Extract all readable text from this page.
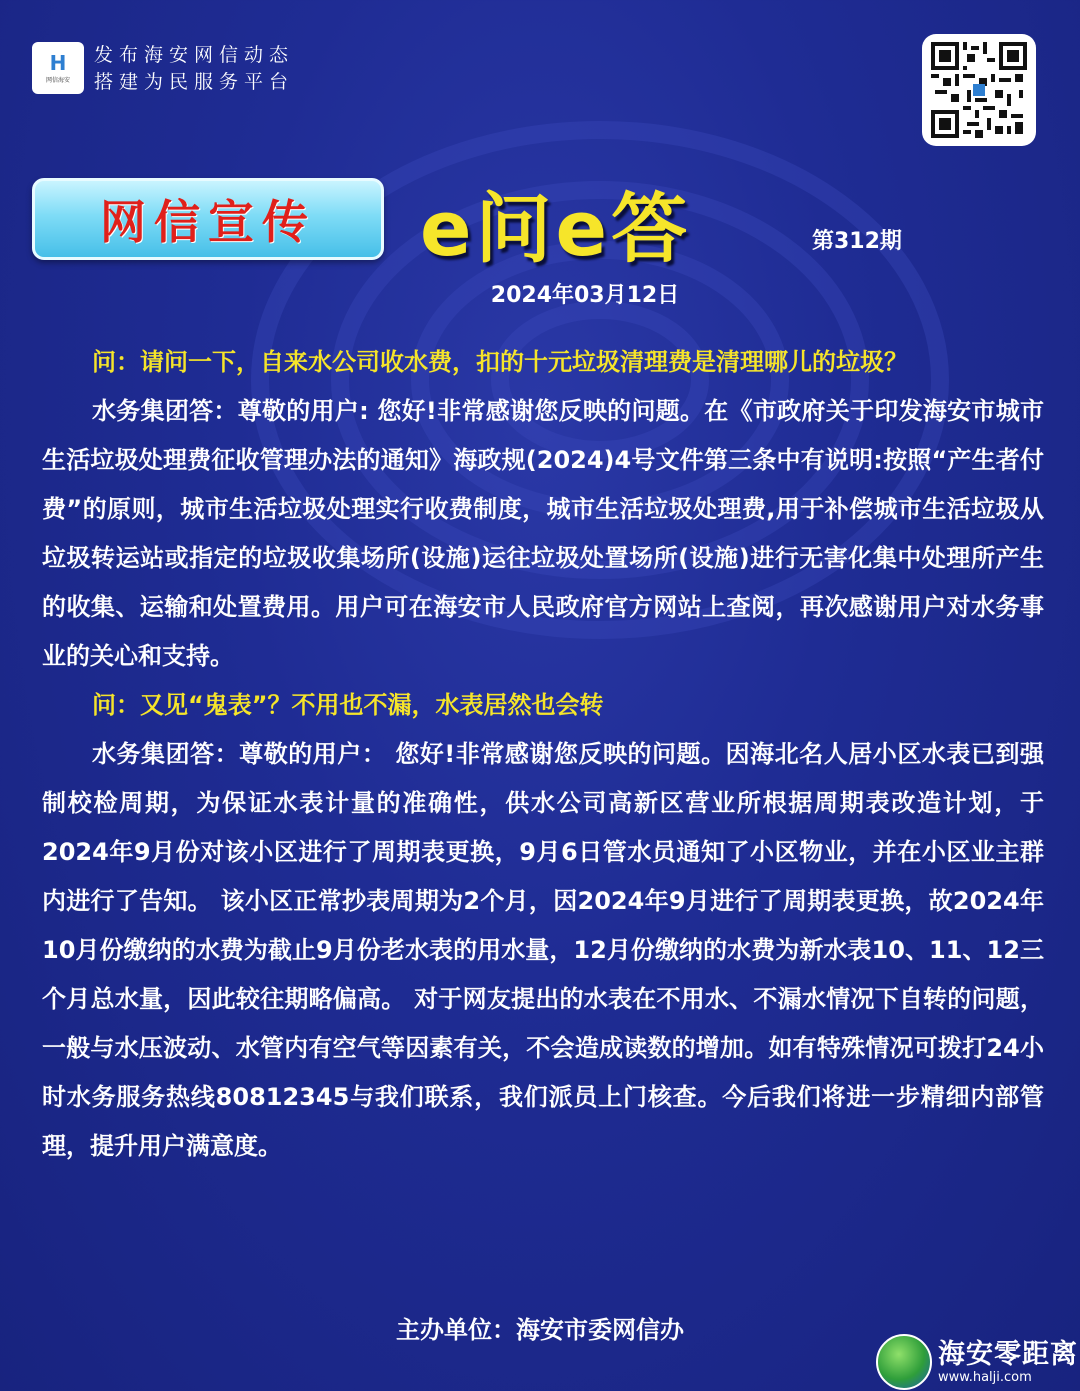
H
网信海安
发布海安网信动态
搭建为民服务平台
网信宣传 e问e答	第312期
2024年03月12日

问：请问一下，自来水公司收水费，扣的十元垃圾清理费是清理哪儿的垃圾？

水务集团答：尊敬的用户: 您好!非常感谢您反映的问题。在《市政府关于印发海安市城市生活垃圾处理费征收管理办法的通知》海政规(2024)4号文件第三条中有说明:按照“产生者付费”的原则，城市生活垃圾处理实行收费制度，城市生活垃圾处理费,用于补偿城市生活垃圾从垃圾转运站或指定的垃圾收集场所(设施)运往垃圾处置场所(设施)进行无害化集中处理所产生的收集、运输和处置费用。用户可在海安市人民政府官方网站上查阅，再次感谢用户对水务事业的关心和支持。

问：又见“鬼表”？不用也不漏，水表居然也会转

水务集团答：尊敬的用户： 您好!非常感谢您反映的问题。因海北名人居小区水表已到强制校检周期，为保证水表计量的准确性，供水公司高新区营业所根据周期表改造计划，于2024年9月份对该小区进行了周期表更换，9月6日管水员通知了小区物业，并在小区业主群内进行了告知。 该小区正常抄表周期为2个月，因2024年9月进行了周期表更换，故2024年10月份缴纳的水费为截止9月份老水表的用水量，12月份缴纳的水费为新水表10、11、12三个月总水量，因此较往期略偏高。 对于网友提出的水表在不用水、不漏水情况下自转的问题，一般与水压波动、水管内有空气等因素有关，不会造成读数的增加。如有特殊情况可拨打24小时水务服务热线80812345与我们联系，我们派员上门核查。今后我们将进一步精细内部管理，提升用户满意度。

主办单位：海安市委网信办
海安零距离
www.halji.com
